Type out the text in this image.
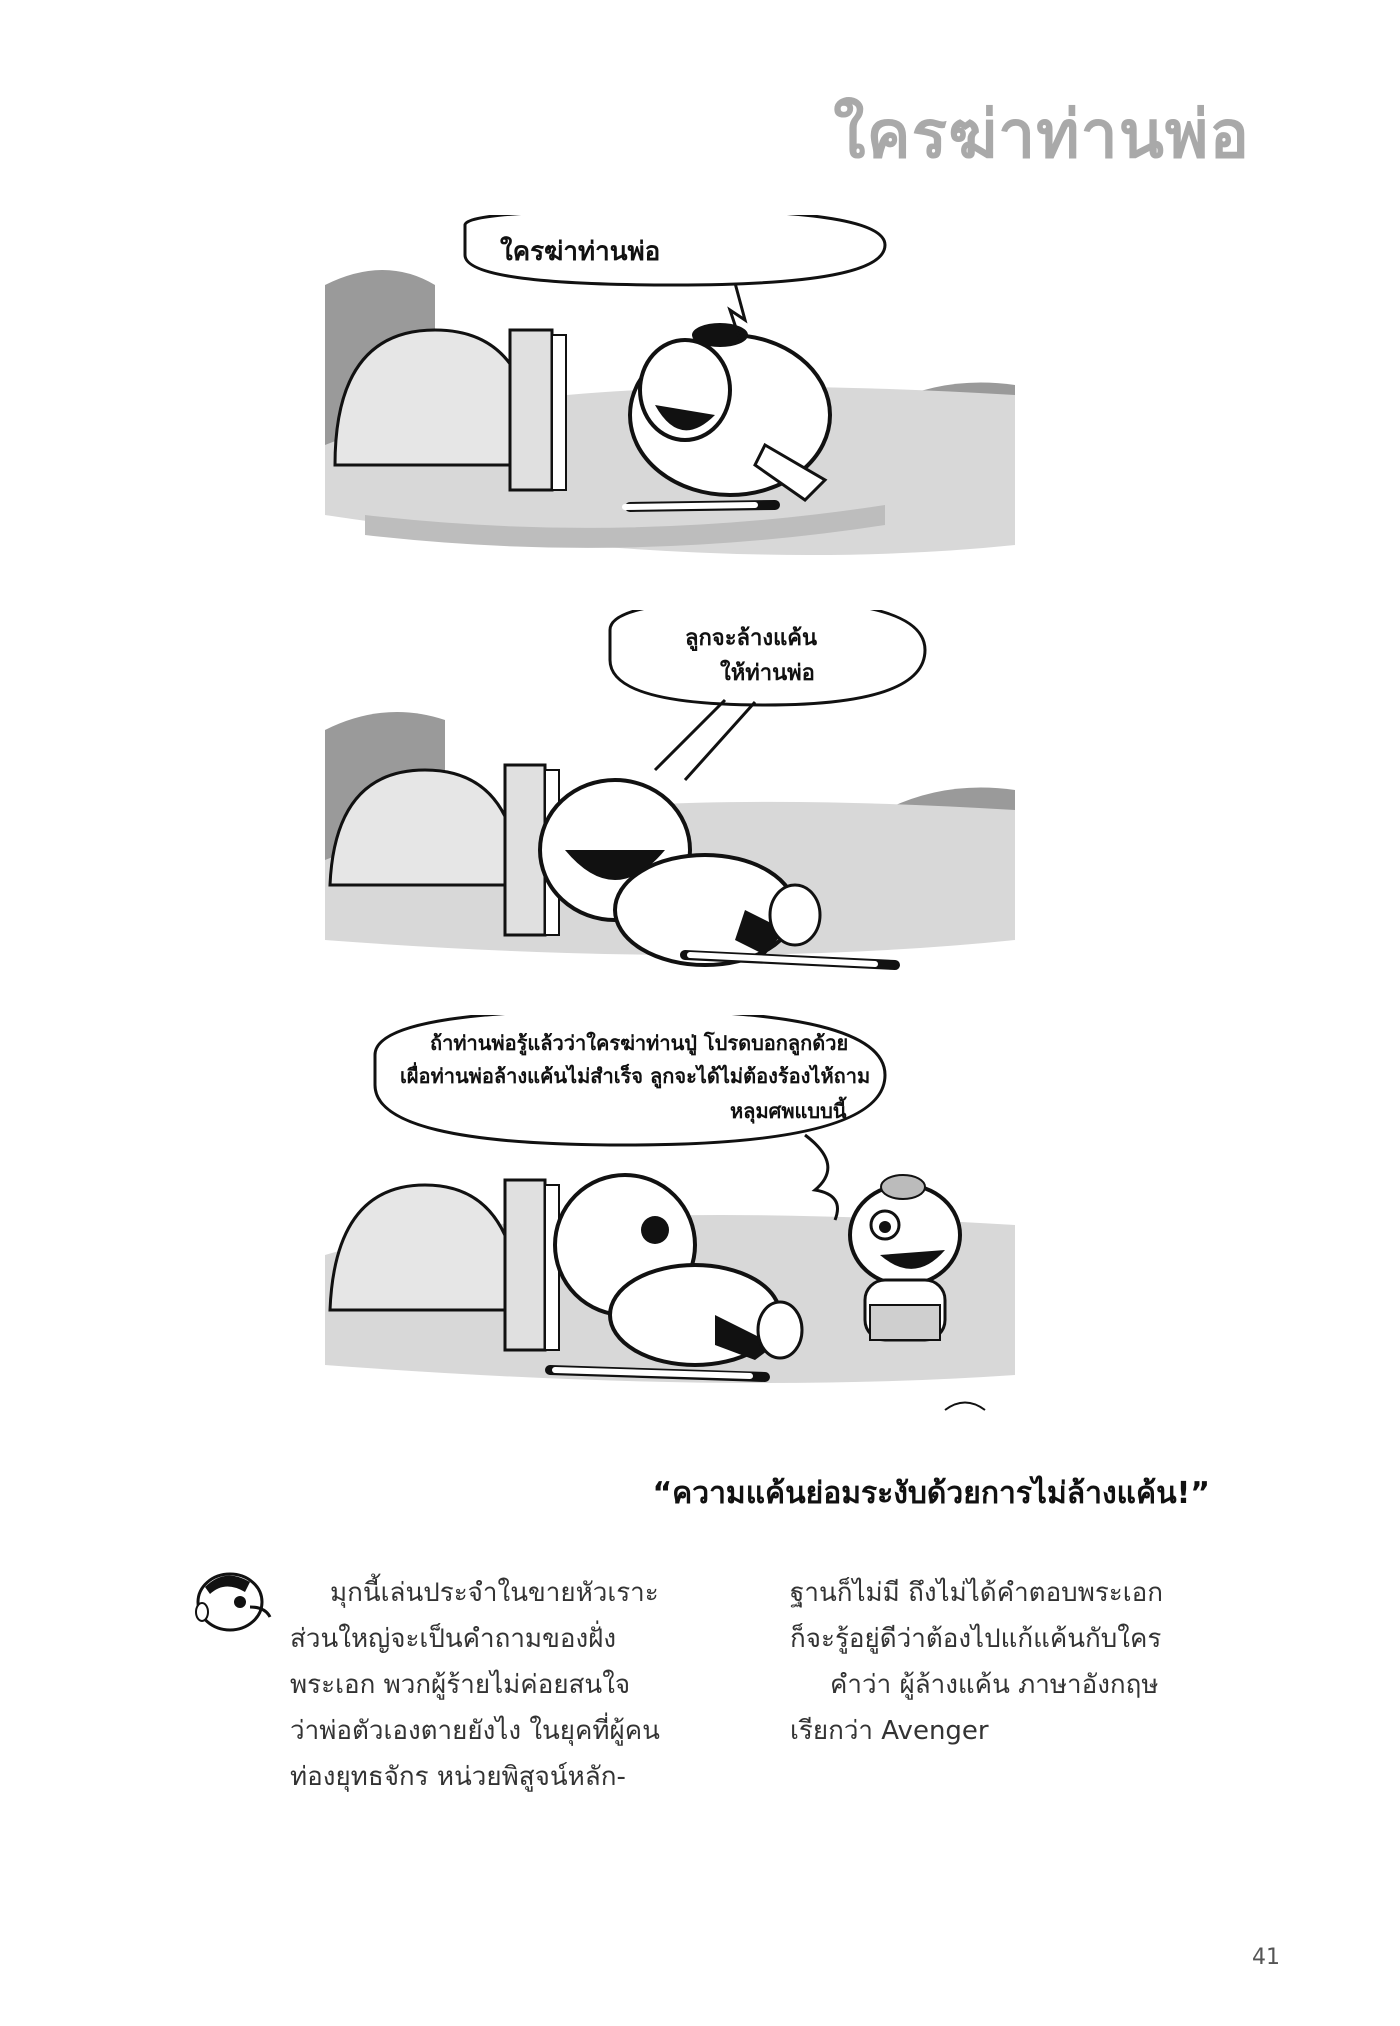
ใครฆ่าท่านพ่อ
ใครฆ่าท่านพ่อ
ลูกจะล้างแค้น
ให้ท่านพ่อ
ถ้าท่านพ่อรู้แล้วว่าใครฆ่าท่านปู่ โปรดบอกลูกด้วย
เผื่อท่านพ่อล้างแค้นไม่สำเร็จ ลูกจะได้ไม่ต้องร้องไห้ถาม
หลุมศพแบบนี้
“ความแค้นย่อมระงับด้วยการไม่ล้างแค้น!”

มุกนี้เล่นประจำในขายหัวเราะ

ส่วนใหญ่จะเป็นคำถามของฝั่ง

พระเอก พวกผู้ร้ายไม่ค่อยสนใจ

ว่าพ่อตัวเองตายยังไง ในยุคที่ผู้คน

ท่องยุทธจักร หน่วยพิสูจน์หลัก-

ฐานก็ไม่มี ถึงไม่ได้คำตอบพระเอก

ก็จะรู้อยู่ดีว่าต้องไปแก้แค้นกับใคร

คำว่า ผู้ล้างแค้น ภาษาอังกฤษ

เรียกว่า Avenger

41
